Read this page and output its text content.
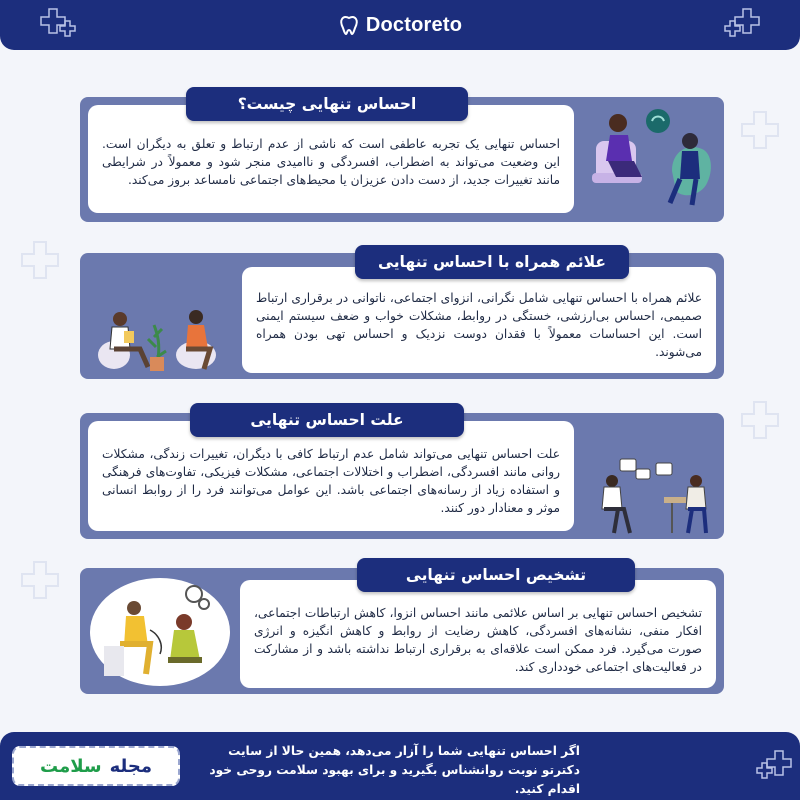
Doctoreto
احساس تنهایی یک تجربه عاطفی است که ناشی از عدم ارتباط و تعلق به دیگران است. این وضعیت می‌تواند به اضطراب، افسردگی و ناامیدی منجر شود و معمولاً در شرایطی مانند تغییرات جدید، از دست دادن عزیزان یا محیط‌های اجتماعی نامساعد بروز می‌کند.
احساس تنهایی چیست؟
علائم همراه با احساس تنهایی شامل نگرانی، انزوای اجتماعی، ناتوانی در برقراری ارتباط صمیمی، احساس بی‌ارزشی، خستگی در روابط، مشکلات خواب و ضعف سیستم ایمنی است. این احساسات معمولاً با فقدان دوست نزدیک و احساس تهی بودن همراه می‌شوند.
علائم همراه با احساس تنهایی
علت احساس تنهایی می‌تواند شامل عدم ارتباط کافی با دیگران، تغییرات زندگی، مشکلات روانی مانند افسردگی، اضطراب و اختلالات اجتماعی، مشکلات فیزیکی، تفاوت‌های فرهنگی و استفاده زیاد از رسانه‌های اجتماعی باشد. این عوامل می‌توانند فرد را از روابط انسانی موثر و معنادار دور کنند.
علت احساس تنهایی
تشخیص احساس تنهایی بر اساس علائمی مانند احساس انزوا، کاهش ارتباطات اجتماعی، افکار منفی، نشانه‌های افسردگی، کاهش رضایت از روابط و کاهش انگیزه و انرژی صورت می‌گیرد. فرد ممکن است علاقه‌ای به برقراری ارتباط نداشته باشد و از مشارکت در فعالیت‌های اجتماعی خودداری کند.
تشخیص احساس تنهایی
مجله
سلامت
اگر احساس تنهایی شما را آزار می‌دهد، همین حالا از سایت دکترتو نوبت روانشناس بگیرید و برای بهبود سلامت روحی خود اقدام کنید.
